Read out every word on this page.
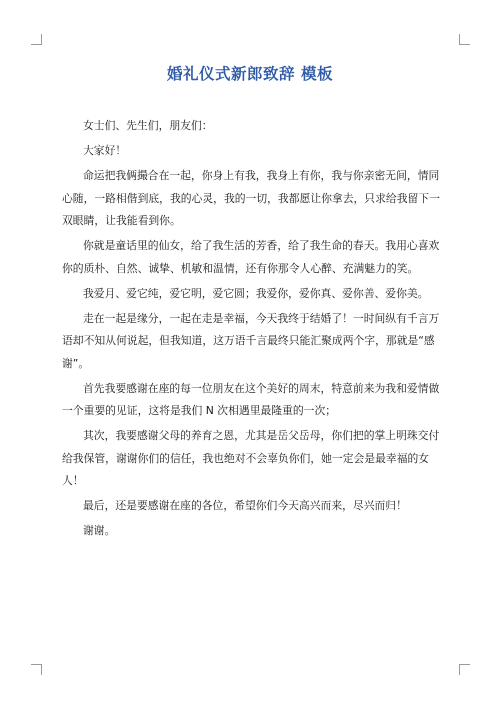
婚礼仪式新郎致辞 模板

女士们、先生们，朋友们：

大家好！

命运把我俩撮合在一起，你身上有我，我身上有你，我与你亲密无间，情同心随，一路相偕到底，我的心灵，我的一切，我都愿让你拿去，只求给我留下一双眼睛，让我能看到你。

你就是童话里的仙女，给了我生活的芳香，给了我生命的春天。我用心喜欢你的质朴、自然、诚挚、机敏和温情，还有你那令人心醉、充满魅力的笑。

我爱月、爱它纯，爱它明，爱它圆；我爱你，爱你真、爱你善、爱你美。

走在一起是缘分，一起在走是幸福，今天我终于结婚了！一时间纵有千言万语却不知从何说起，但我知道，这万语千言最终只能汇聚成两个字，那就是“感谢”。

首先我要感谢在座的每一位朋友在这个美好的周末，特意前来为我和爱情做一个重要的见证，这将是我们 N 次相遇里最隆重的一次；

其次，我要感谢父母的养育之恩，尤其是岳父岳母，你们把的掌上明珠交付给我保管，谢谢你们的信任，我也绝对不会辜负你们，她一定会是最幸福的女人！

最后，还是要感谢在座的各位，希望你们今天高兴而来，尽兴而归！

谢谢。
